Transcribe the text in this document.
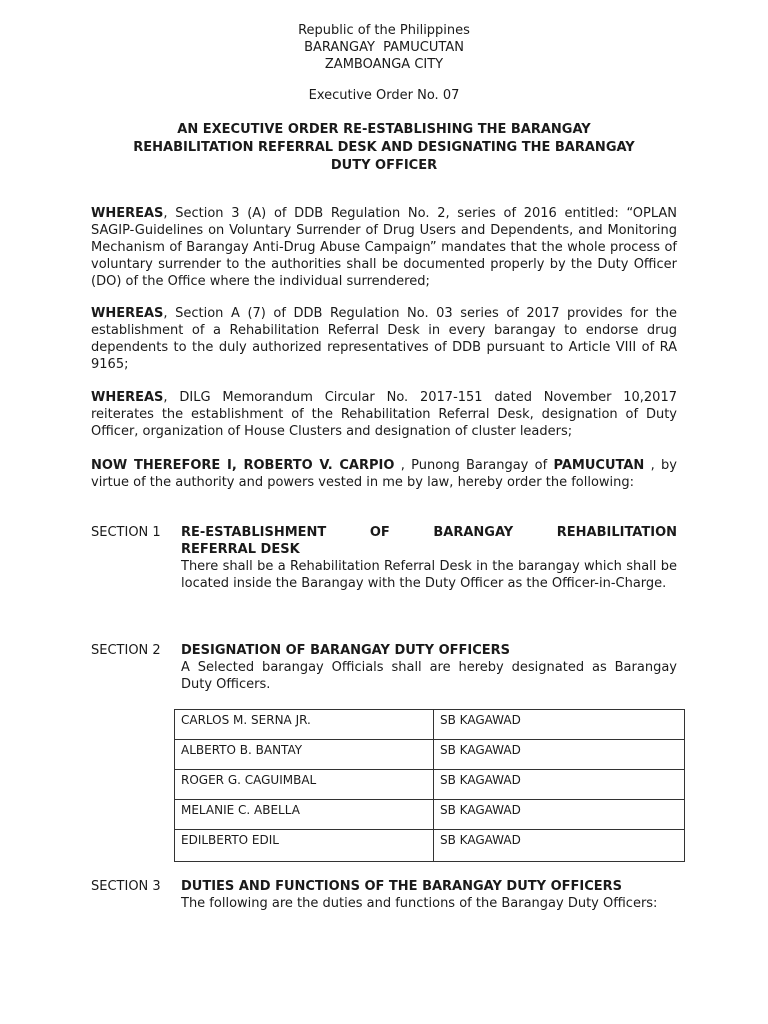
Republic of the Philippines
BARANGAY  PAMUCUTAN
ZAMBOANGA CITY
Executive Order No. 07
AN EXECUTIVE ORDER RE-ESTABLISHING THE BARANGAY
REHABILITATION REFERRAL DESK AND DESIGNATING THE BARANGAY
DUTY OFFICER
WHEREAS, Section 3 (A) of DDB Regulation No. 2, series of 2016 entitled: “OPLAN SAGIP-Guidelines on Voluntary Surrender of Drug Users and Dependents, and Monitoring Mechanism of Barangay Anti-Drug Abuse Campaign” mandates that the whole process of voluntary surrender to the authorities shall be documented properly by the Duty Officer (DO) of the Office where the individual surrendered;
WHEREAS, Section A (7) of DDB Regulation No. 03 series of 2017 provides for the establishment of a Rehabilitation Referral Desk in every barangay to endorse drug dependents to the duly authorized representatives of DDB pursuant to Article VIII of RA 9165;
WHEREAS, DILG Memorandum Circular No. 2017-151 dated November 10,2017 reiterates the establishment of the Rehabilitation Referral Desk, designation of Duty Officer, organization of House Clusters and designation of cluster leaders;
NOW THEREFORE I, ROBERTO V. CARPIO , Punong Barangay of PAMUCUTAN , by virtue of the authority and powers vested in me by law, hereby order the following:
SECTION 1 RE-ESTABLISHMENT	OF	BARANGAY	REHABILITATION
REFERRAL DESK
There shall be a Rehabilitation Referral Desk in the barangay which shall be located inside the Barangay with the Duty Officer as the Officer-in-Charge.
SECTION 2 DESIGNATION OF BARANGAY DUTY OFFICERS
A Selected barangay Officials shall are hereby designated as Barangay Duty Officers.
CARLOS M. SERNA JR.	SB KAGAWAD
ALBERTO B. BANTAY	SB KAGAWAD
ROGER G. CAGUIMBAL	SB KAGAWAD
MELANIE C. ABELLA	SB KAGAWAD
EDILBERTO EDIL	SB KAGAWAD
SECTION 3 DUTIES AND FUNCTIONS OF THE BARANGAY DUTY OFFICERS
The following are the duties and functions of the Barangay Duty Officers:
